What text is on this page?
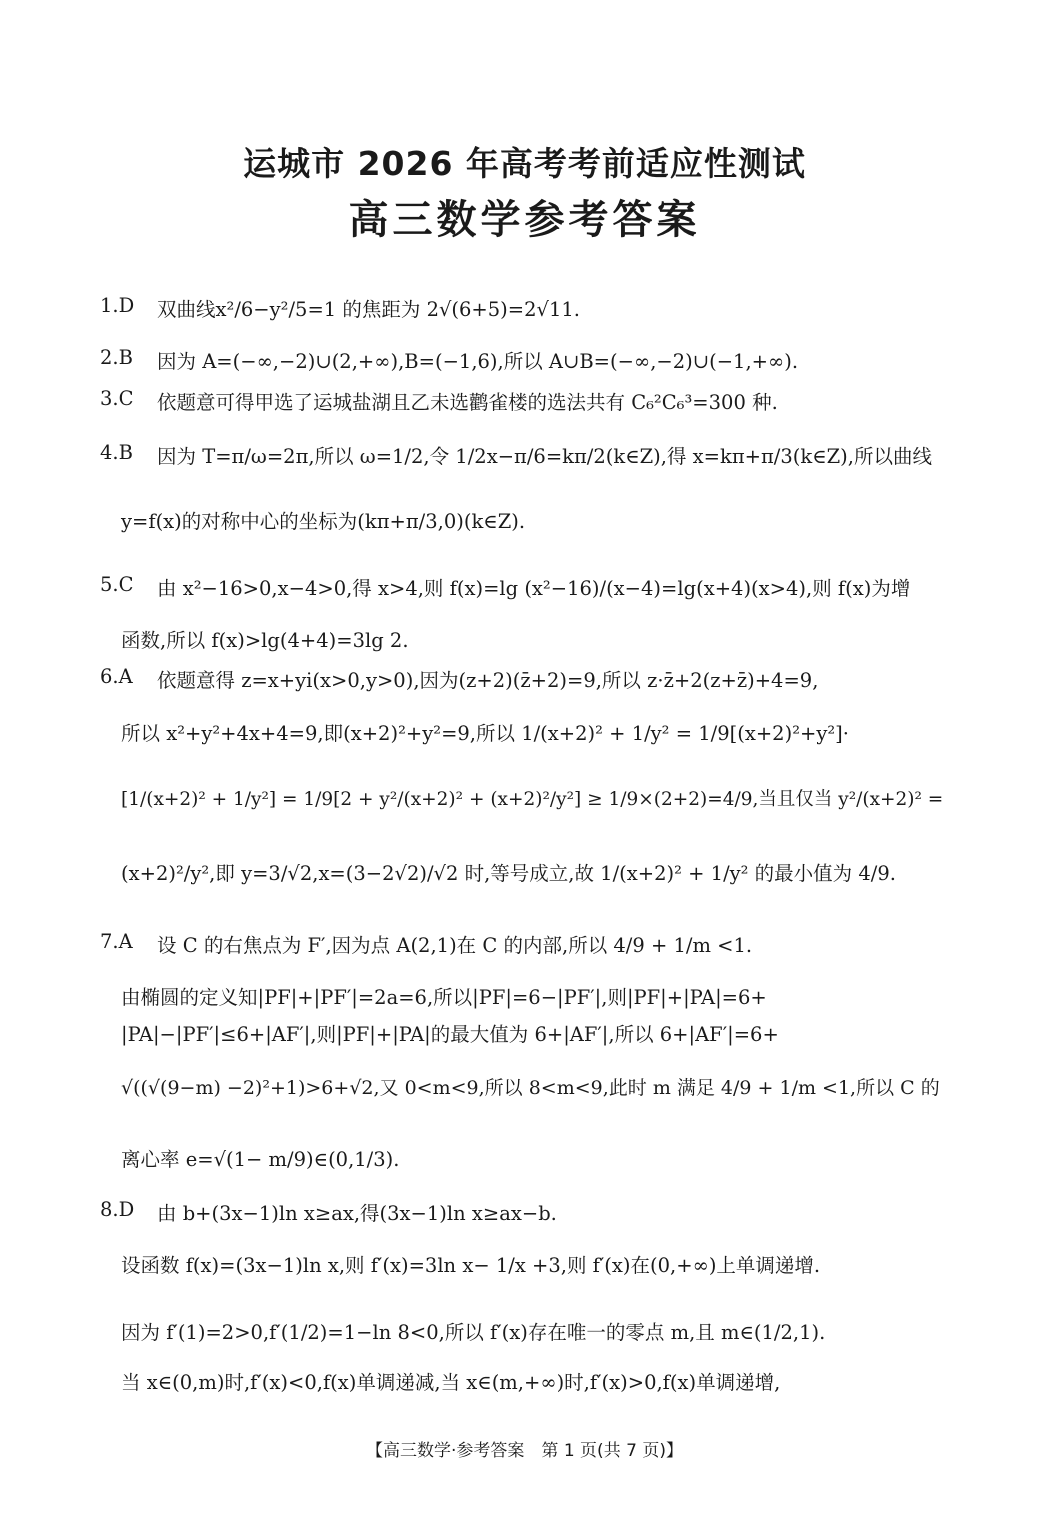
运城市 2026 年高考考前适应性测试
高三数学参考答案
1.D 双曲线x²/6−y²/5=1 的焦距为 2√(6+5)=2√11.
2.B 因为 A=(−∞,−2)∪(2,+∞),B=(−1,6),所以 A∪B=(−∞,−2)∪(−1,+∞).
3.C 依题意可得甲选了运城盐湖且乙未选鹳雀楼的选法共有 C₆²C₆³=300 种.
4.B 因为 T=π/ω=2π,所以 ω=1/2,令 1/2x−π/6=kπ/2(k∈Z),得 x=kπ+π/3(k∈Z),所以曲线
y=f(x)的对称中心的坐标为(kπ+π/3,0)(k∈Z).
5.C 由 x²−16>0,x−4>0,得 x>4,则 f(x)=lg (x²−16)/(x−4)=lg(x+4)(x>4),则 f(x)为增
函数,所以 f(x)>lg(4+4)=3lg 2.
6.A 依题意得 z=x+yi(x>0,y>0),因为(z+2)(z̄+2)=9,所以 z·z̄+2(z+z̄)+4=9,
所以 x²+y²+4x+4=9,即(x+2)²+y²=9,所以 1/(x+2)² + 1/y² = 1/9[(x+2)²+y²]·
[1/(x+2)² + 1/y²] = 1/9[2 + y²/(x+2)² + (x+2)²/y²] ≥ 1/9×(2+2)=4/9,当且仅当 y²/(x+2)² =
(x+2)²/y²,即 y=3/√2,x=(3−2√2)/√2 时,等号成立,故 1/(x+2)² + 1/y² 的最小值为 4/9.
7.A 设 C 的右焦点为 F′,因为点 A(2,1)在 C 的内部,所以 4/9 + 1/m <1.
由椭圆的定义知|PF|+|PF′|=2a=6,所以|PF|=6−|PF′|,则|PF|+|PA|=6+
|PA|−|PF′|≤6+|AF′|,则|PF|+|PA|的最大值为 6+|AF′|,所以 6+|AF′|=6+
√((√(9−m) −2)²+1)>6+√2,又 0<m<9,所以 8<m<9,此时 m 满足 4/9 + 1/m <1,所以 C 的
离心率 e=√(1− m/9)∈(0,1/3).
8.D 由 b+(3x−1)ln x≥ax,得(3x−1)ln x≥ax−b.
设函数 f(x)=(3x−1)ln x,则 f′(x)=3ln x− 1/x +3,则 f′(x)在(0,+∞)上单调递增.
因为 f′(1)=2>0,f′(1/2)=1−ln 8<0,所以 f′(x)存在唯一的零点 m,且 m∈(1/2,1).
当 x∈(0,m)时,f′(x)<0,f(x)单调递减,当 x∈(m,+∞)时,f′(x)>0,f(x)单调递增,
【高三数学·参考答案　第 1 页(共 7 页)】
